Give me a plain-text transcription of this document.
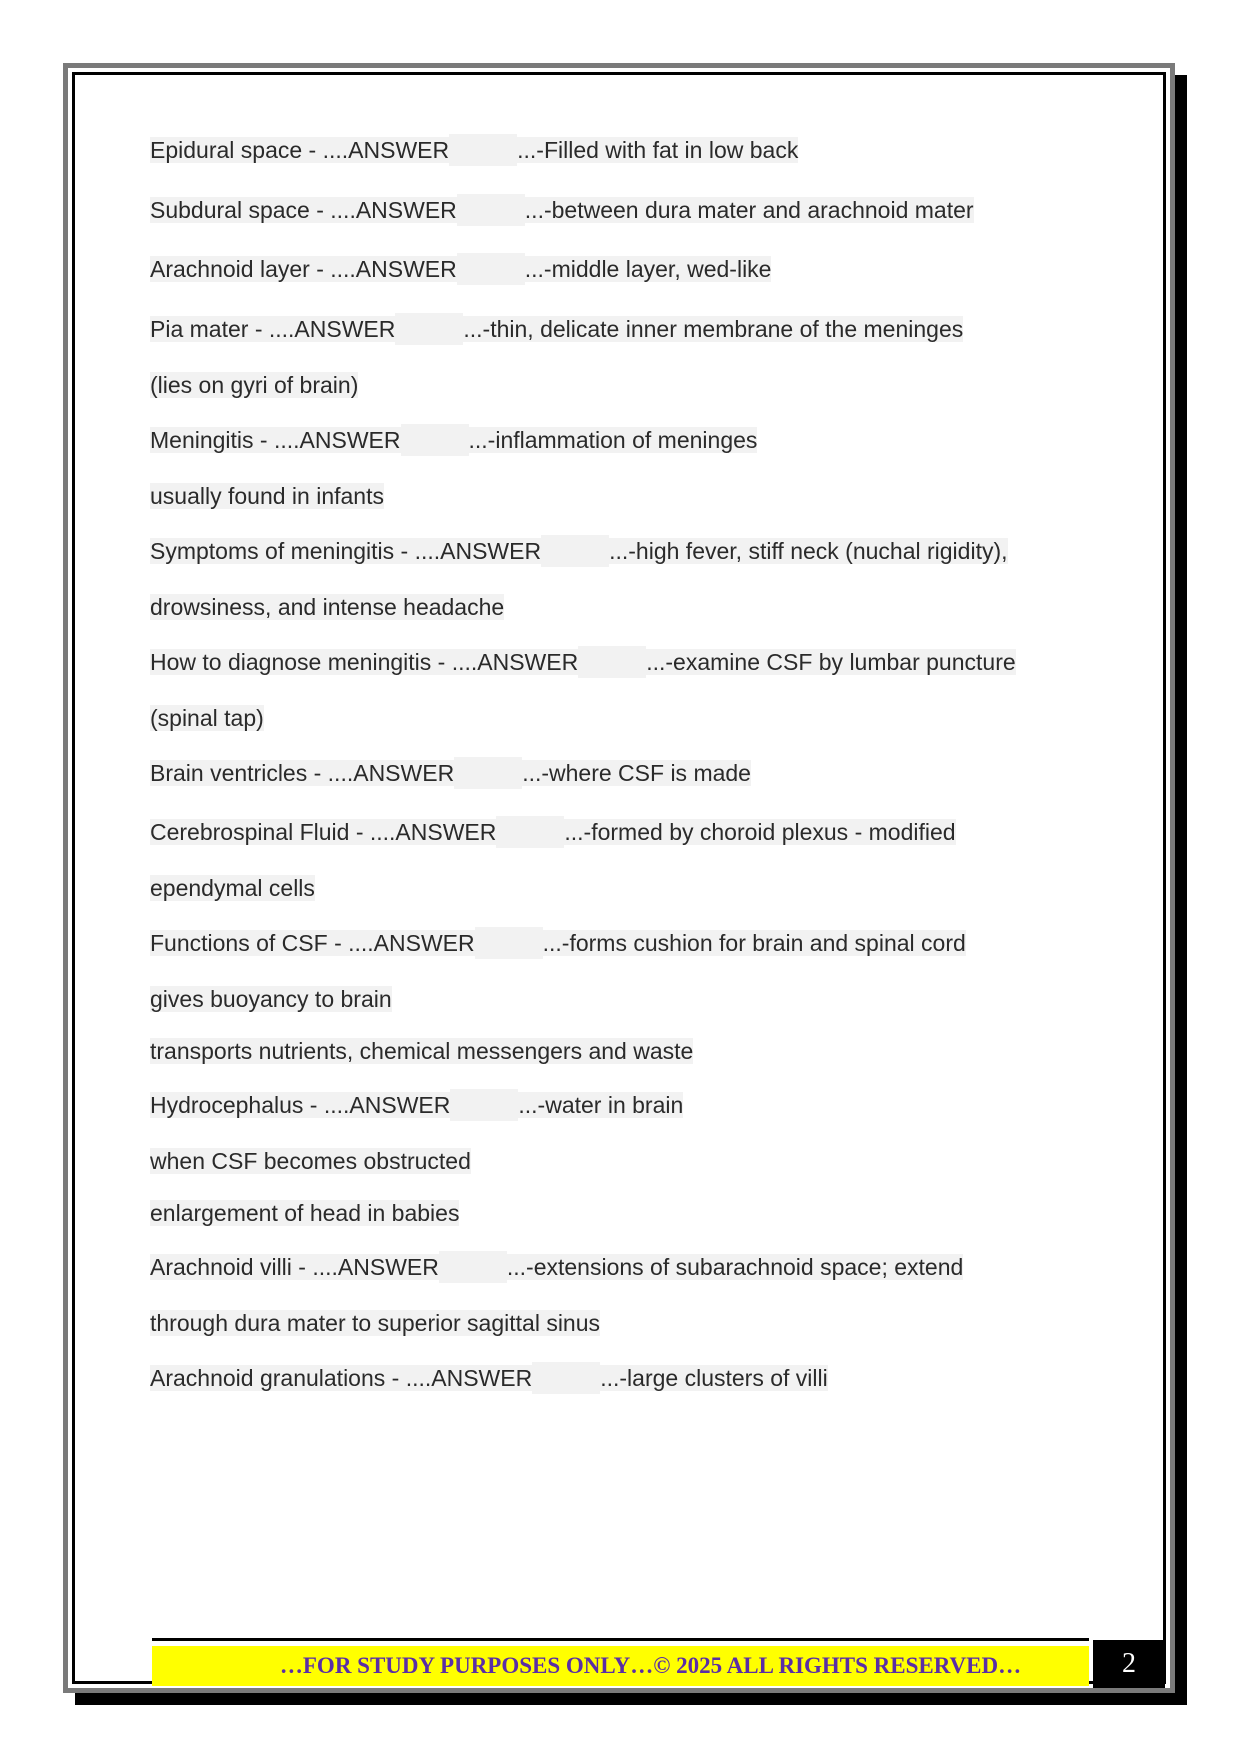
Epidural space - ....ANSWER	...-Filled with fat in low back
Subdural space - ....ANSWER	...-between dura mater and arachnoid mater
Arachnoid layer - ....ANSWER	...-middle layer, wed-like
Pia mater - ....ANSWER	...-thin, delicate inner membrane of the meninges
(lies on gyri of brain)
Meningitis - ....ANSWER	...-inflammation of meninges
usually found in infants
Symptoms of meningitis - ....ANSWER	...-high fever, stiff neck (nuchal rigidity),
drowsiness, and intense headache
How to diagnose meningitis - ....ANSWER	...-examine CSF by lumbar puncture
(spinal tap)
Brain ventricles - ....ANSWER	...-where CSF is made
Cerebrospinal Fluid - ....ANSWER	...-formed by choroid plexus - modified
ependymal cells
Functions of CSF - ....ANSWER	...-forms cushion for brain and spinal cord
gives buoyancy to brain
transports nutrients, chemical messengers and waste
Hydrocephalus - ....ANSWER	...-water in brain
when CSF becomes obstructed
enlargement of head in babies
Arachnoid villi - ....ANSWER	...-extensions of subarachnoid space; extend
through dura mater to superior sagittal sinus
Arachnoid granulations - ....ANSWER	...-large clusters of villi
…FOR STUDY PURPOSES ONLY…© 2025 ALL RIGHTS RESERVED…	2
